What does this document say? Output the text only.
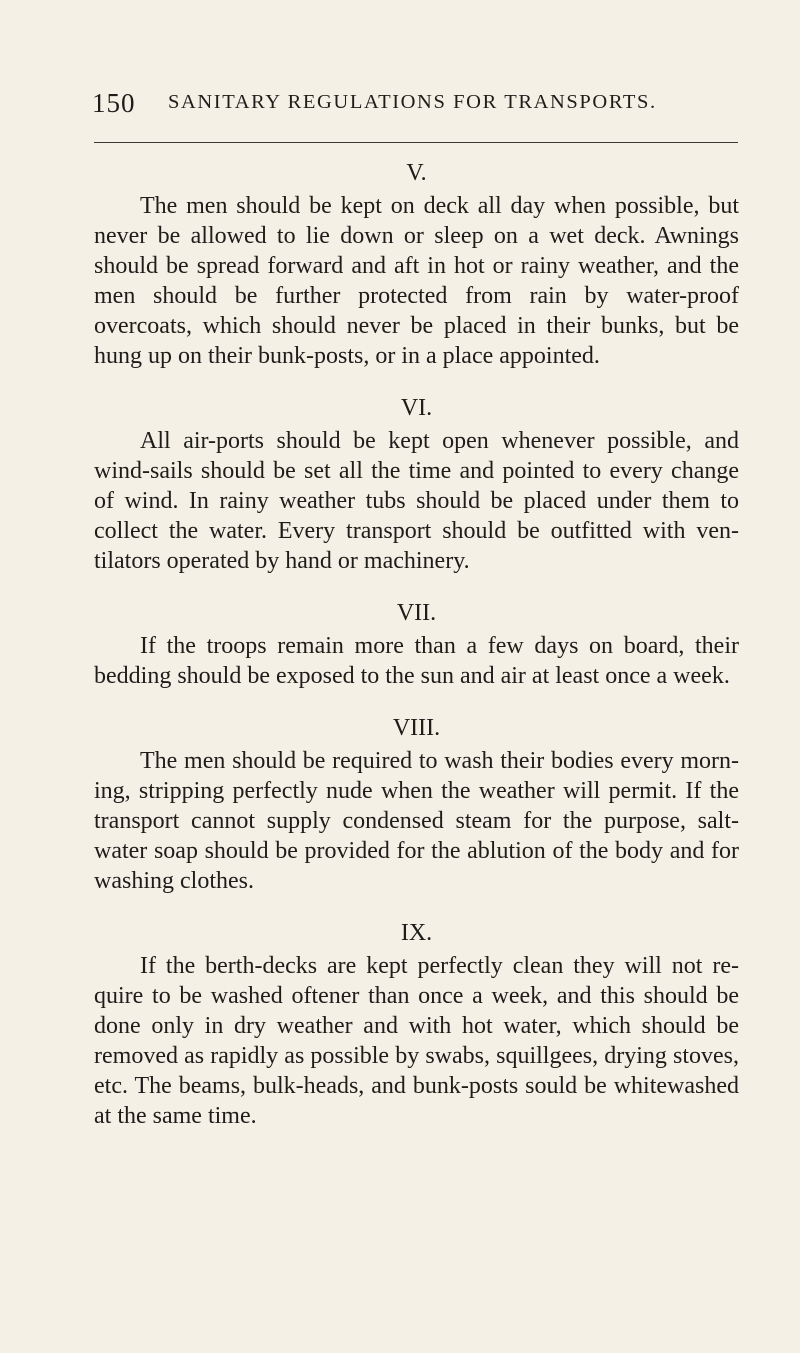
150 SANITARY REGULATIONS FOR TRANSPORTS.
V.

The men should be kept on deck all day when possible, but never be allowed to lie down or sleep on a wet deck. Awnings should be spread forward and aft in hot or rainy weather, and the men should be further protected from rain by water-proof overcoats, which should never be placed in their bunks, but be hung up on their bunk-posts, or in a place appointed.

VI.

All air-ports should be kept open whenever possible, and wind-sails should be set all the time and pointed to every change of wind. In rainy weather tubs should be placed under them to collect the water. Every transport should be outfitted with ven-tilators operated by hand or machinery.

VII.

If the troops remain more than a few days on board, their bedding should be exposed to the sun and air at least once a week.

VIII.

The men should be required to wash their bodies every morn-ing, stripping perfectly nude when the weather will permit. If the transport cannot supply condensed steam for the purpose, salt-water soap should be provided for the ablution of the body and for washing clothes.

IX.

If the berth-decks are kept perfectly clean they will not re-quire to be washed oftener than once a week, and this should be done only in dry weather and with hot water, which should be removed as rapidly as possible by swabs, squillgees, drying stoves, etc. The beams, bulk-heads, and bunk-posts sould be whitewashed at the same time.
